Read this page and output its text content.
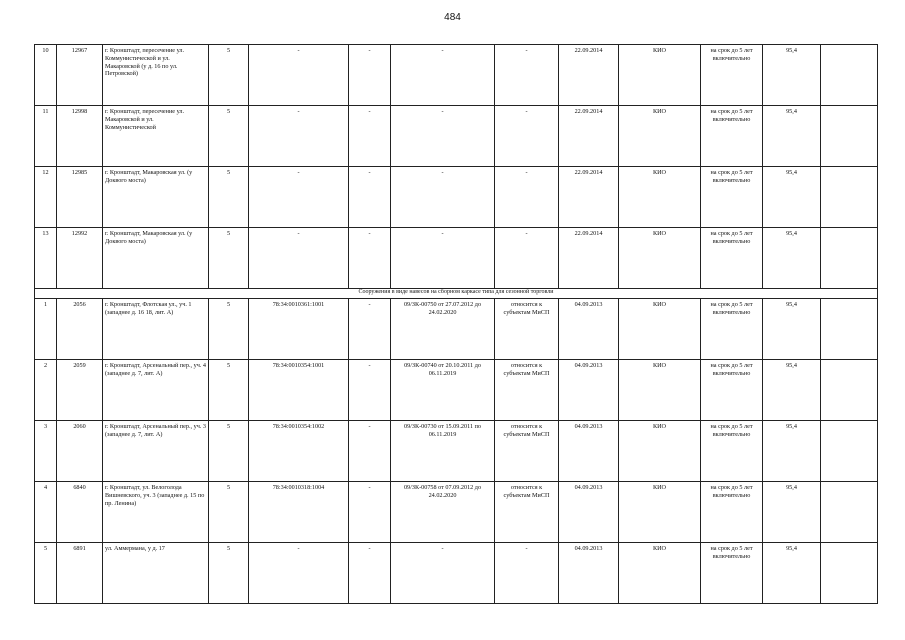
484
10	12967	г. Кронштадт, пересечение ул. Коммунистической и ул. Макаровской (у д. 16 по ул. Петровской)	5	-	-	-	-	22.09.2014	КИО	на срок до 5 лет включительно	95,4	
11	12998	г. Кронштадт, пересечение ул. Макаровской и ул. Коммунистической	5	-	-	-	-	22.09.2014	КИО	на срок до 5 лет включительно	95,4	
12	12985	г. Кронштадт, Макаровская ул. (у Доквого моста)	5	-	-	-	-	22.09.2014	КИО	на срок до 5 лет включительно	95,4	
13	12992	г. Кронштадт, Макаровская ул. (у Доквого моста)	5	-	-	-	-	22.09.2014	КИО	на срок до 5 лет включительно	95,4	
Сооружения в виде навесов на сборном каркасе типа для сезонной торговли												
1	2056	г. Кронштадт, Флотская ул., уч. 1 (западнее д. 16 18, лит. А)	5	78:34:0010361:1001	-	09/ЗК-00750 от 27.07.2012 до 24.02.2020	относится к субъектам МиСП	04.09.2013	КИО	на срок до 5 лет включительно	95,4	
2	2059	г. Кронштадт, Арсенальный пер., уч. 4 (западнее д. 7, лит. А)	5	78:34:0010354:1001	-	09/ЗК-00740 от 20.10.2011 до 06.11.2019	относится к субъектам МиСП	04.09.2013	КИО	на срок до 5 лет включительно	95,4	
3	2060	г. Кронштадт, Арсенальный пер., уч. 3 (западнее д. 7, лит. А)	5	78:34:0010354:1002	-	09/ЗК-00730 от 15.09.2011 по 06.11.2019	относится к субъектам МиСП	04.09.2013	КИО	на срок до 5 лет включительно	95,4	
4	6840	г. Кронштадт, ул. Велоголода Вишневского, уч. 3 (западнее д. 15 по пр. Ленина)	5	78:34:0010318:1004	-	09/ЗК-00758 от 07.09.2012 до 24.02.2020	относится к субъектам МиСП	04.09.2013	КИО	на срок до 5 лет включительно	95,4	
5	6891	ул. Аммермана, у д. 17	5	-	-	-	-	04.09.2013	КИО	на срок до 5 лет включительно	95,4	
